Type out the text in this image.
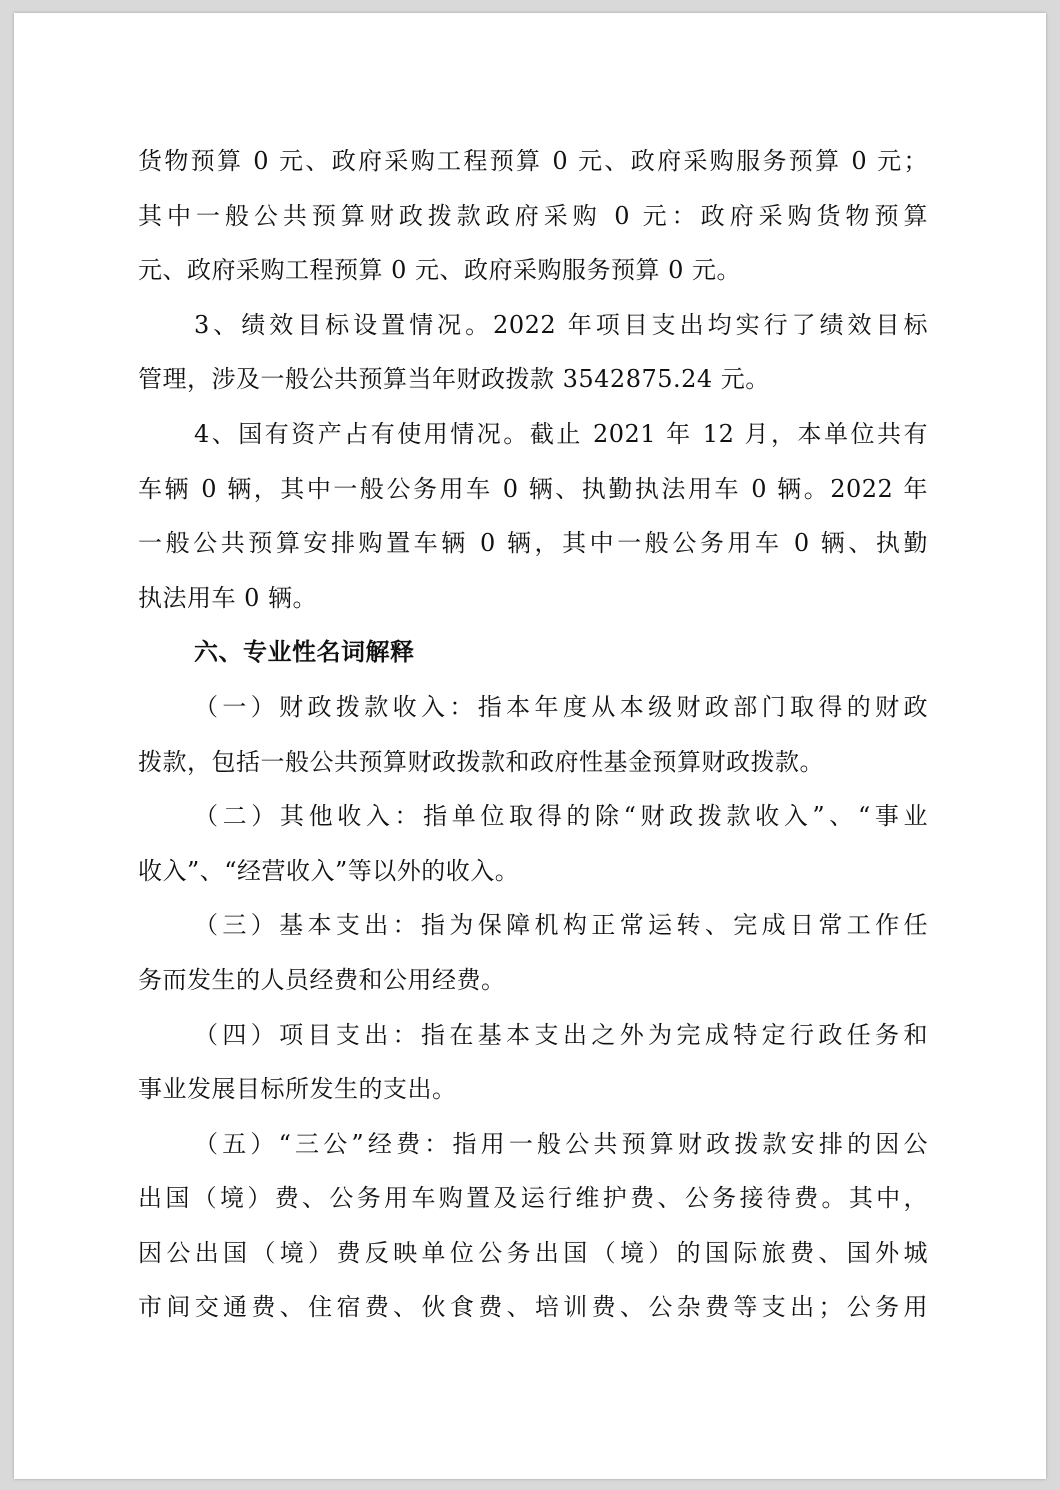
货物预算 0 元、政府采购工程预算 0 元、政府采购服务预算 0 元；
其中一般公共预算财政拨款政府采购 0 元：政府采购货物预算
元、政府采购工程预算 0 元、政府采购服务预算 0 元。
3、绩效目标设置情况。2022 年项目支出均实行了绩效目标
管理，涉及一般公共预算当年财政拨款 3542875.24 元。
4、国有资产占有使用情况。截止 2021 年 12 月，本单位共有
车辆 0 辆，其中一般公务用车 0 辆、执勤执法用车 0 辆。2022 年
一般公共预算安排购置车辆 0 辆，其中一般公务用车 0 辆、执勤
执法用车 0 辆。
六、专业性名词解释
（一）财政拨款收入：指本年度从本级财政部门取得的财政
拨款，包括一般公共预算财政拨款和政府性基金预算财政拨款。
（二）其他收入：指单位取得的除“财政拨款收入”、“事业
收入”、“经营收入”等以外的收入。
（三）基本支出：指为保障机构正常运转、完成日常工作任
务而发生的人员经费和公用经费。
（四）项目支出：指在基本支出之外为完成特定行政任务和
事业发展目标所发生的支出。
（五）“三公”经费：指用一般公共预算财政拨款安排的因公
出国（境）费、公务用车购置及运行维护费、公务接待费。其中，
因公出国（境）费反映单位公务出国（境）的国际旅费、国外城
市间交通费、住宿费、伙食费、培训费、公杂费等支出；公务用
